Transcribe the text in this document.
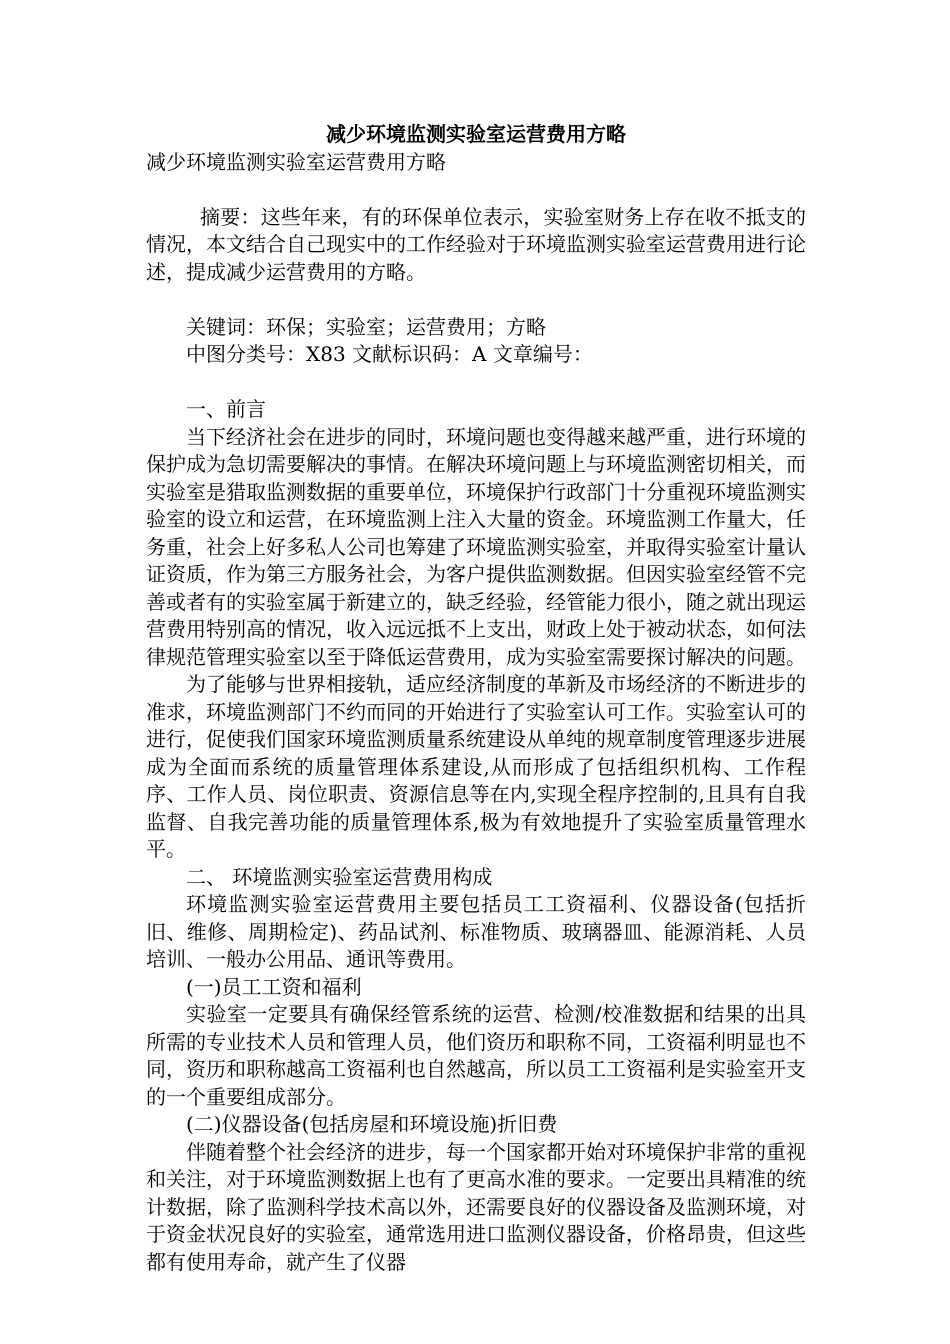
减少环境监测实验室运营费用方略

减少环境监测实验室运营费用方略

摘要：这些年来，有的环保单位表示，实验室财务上存在收不抵支的情况，本文结合自己现实中的工作经验对于环境监测实验室运营费用进行论述，提成减少运营费用的方略。

关键词：环保；实验室；运营费用；方略

中图分类号：X83 文献标识码：A 文章编号：

一、前言

当下经济社会在进步的同时，环境问题也变得越来越严重，进行环境的保护成为急切需要解决的事情。在解决环境问题上与环境监测密切相关，而实验室是猎取监测数据的重要单位，环境保护行政部门十分重视环境监测实验室的设立和运营，在环境监测上注入大量的资金。环境监测工作量大，任务重，社会上好多私人公司也筹建了环境监测实验室，并取得实验室计量认证资质，作为第三方服务社会，为客户提供监测数据。但因实验室经管不完善或者有的实验室属于新建立的，缺乏经验，经管能力很小，随之就出现运营费用特别高的情况，收入远远抵不上支出，财政上处于被动状态，如何法律规范管理实验室以至于降低运营费用，成为实验室需要探讨解决的问题。

为了能够与世界相接轨，适应经济制度的革新及市场经济的不断进步的准求，环境监测部门不约而同的开始进行了实验室认可工作。实验室认可的进行，促使我们国家环境监测质量系统建设从单纯的规章制度管理逐步进展成为全面而系统的质量管理体系建设,从而形成了包括组织机构、工作程序、工作人员、岗位职责、资源信息等在内,实现全程序控制的,且具有自我监督、自我完善功能的质量管理体系,极为有效地提升了实验室质量管理水平。

二、 环境监测实验室运营费用构成

环境监测实验室运营费用主要包括员工工资福利、仪器设备(包括折旧、维修、周期检定)、药品试剂、标准物质、玻璃器皿、能源消耗、人员培训、一般办公用品、通讯等费用。

(一)员工工资和福利

实验室一定要具有确保经管系统的运营、检测/校准数据和结果的出具所需的专业技术人员和管理人员，他们资历和职称不同，工资福利明显也不同，资历和职称越高工资福利也自然越高，所以员工工资福利是实验室开支的一个重要组成部分。

(二)仪器设备(包括房屋和环境设施)折旧费

伴随着整个社会经济的进步，每一个国家都开始对环境保护非常的重视和关注，对于环境监测数据上也有了更高水准的要求。一定要出具精准的统计数据，除了监测科学技术高以外，还需要良好的仪器设备及监测环境，对于资金状况良好的实验室，通常选用进口监测仪器设备，价格昂贵，但这些都有使用寿命，就产生了仪器
